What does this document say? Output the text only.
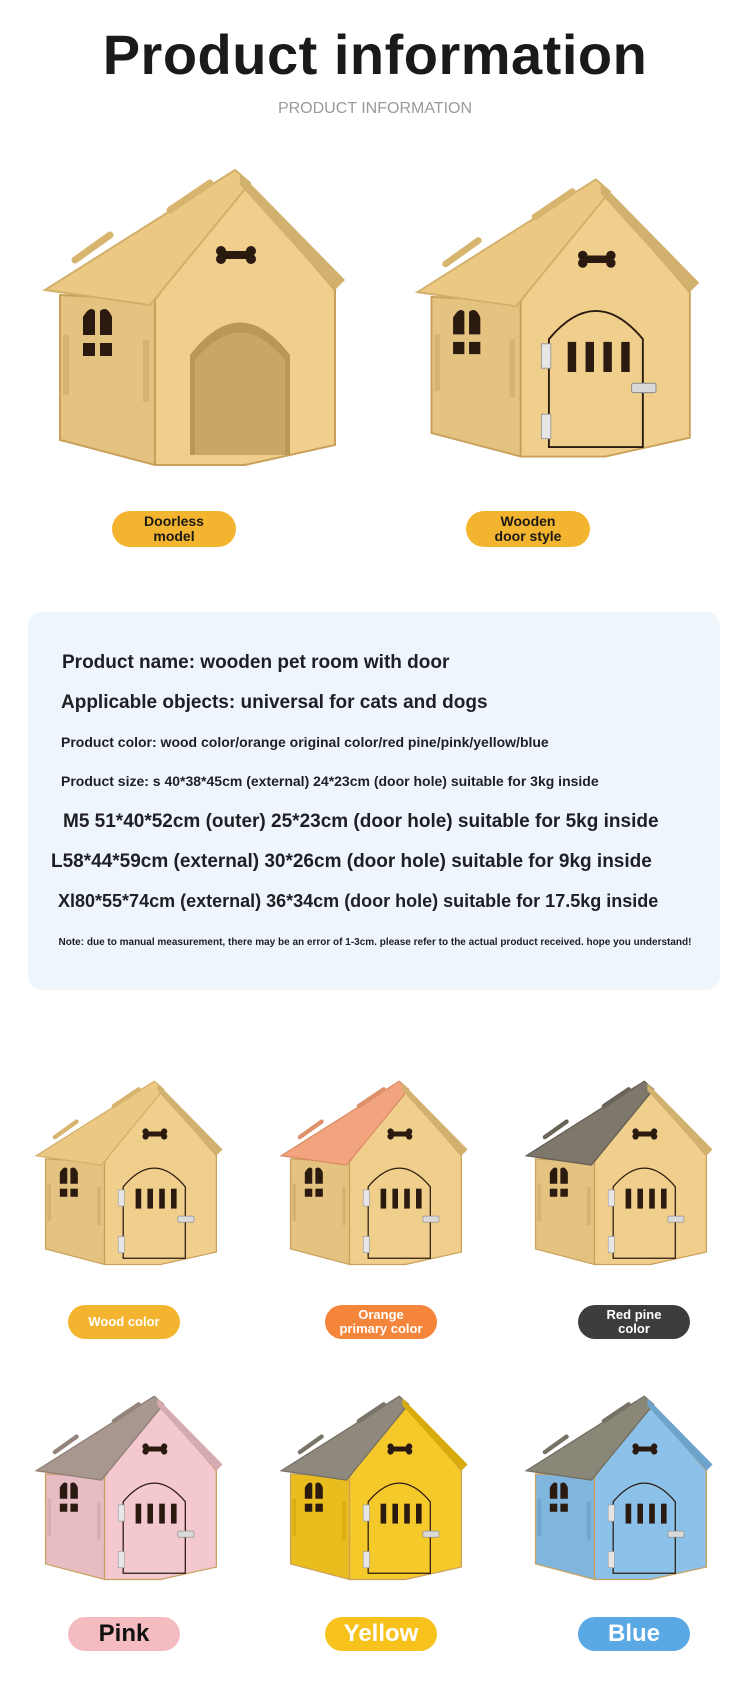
Product information
PRODUCT INFORMATION
Doorless
model
Wooden
door style
Product name: wooden pet room with door
Applicable objects: universal for cats and dogs
Product color: wood color/orange original color/red pine/pink/yellow/blue
Product size: s 40*38*45cm (external) 24*23cm (door hole) suitable for 3kg inside
M5 51*40*52cm (outer) 25*23cm (door hole) suitable for 5kg inside
L58*44*59cm (external) 30*26cm (door hole) suitable for 9kg inside
Xl80*55*74cm (external) 36*34cm (door hole) suitable for 17.5kg inside
Note: due to manual measurement, there may be an error of 1-3cm. please refer to the actual product received. hope you understand!
Wood color	Orange
primary color
Red pine
color
Pink	Yellow	Blue
